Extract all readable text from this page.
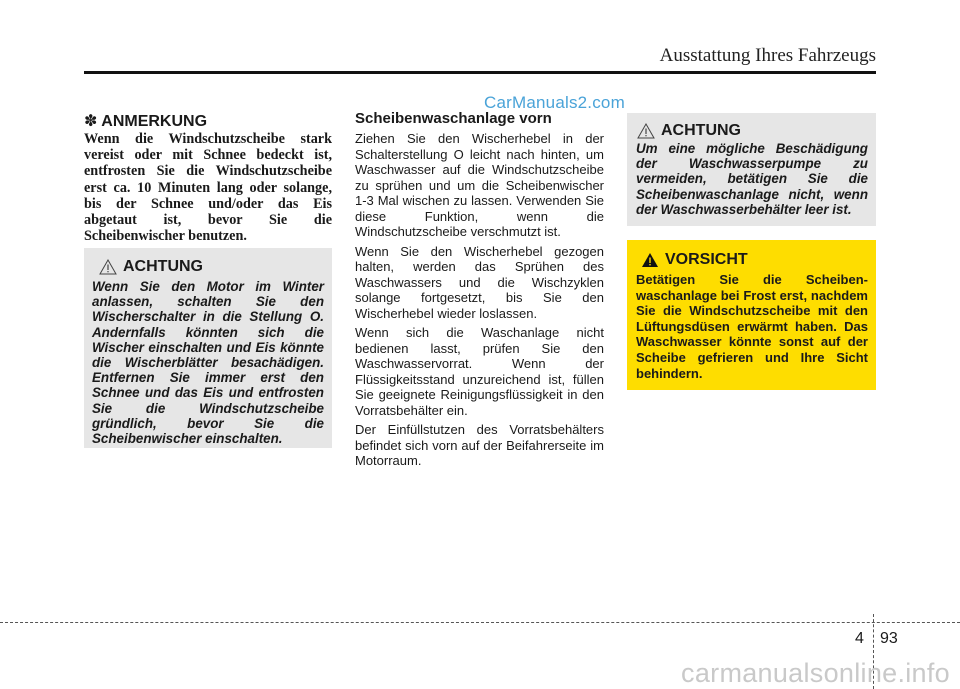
Ausstattung Ihres Fahrzeugs
CarManuals2.com
✽ ANMERKUNG

Wenn die Windschutzscheibe stark vereist oder mit Schnee bedeckt ist, entfrosten Sie die Windschutzscheibe erst ca. 10 Minuten lang oder solange, bis der Schnee und/oder das Eis abgetaut ist, bevor Sie die Scheibenwischer benutzen.

ACHTUNG

Wenn Sie den Motor im Winter anlassen, schalten Sie den Wischerschalter in die Stellung O. Andernfalls könnten sich die Wischer einschalten und Eis könnte die Wischerblätter besachädigen. Entfernen Sie immer erst den Schnee und das Eis und entfrosten Sie die Windschutzscheibe gründlich, bevor Sie die Scheibenwischer einschalten.

Scheibenwaschanlage vorn

Ziehen Sie den Wischerhebel in der Schalterstellung O leicht nach hinten, um Waschwasser auf die Windschutzscheibe zu sprühen und um die Scheibenwischer 1-3 Mal wischen zu lassen. Verwenden Sie diese Funktion, wenn die Windschutzscheibe verschmutzt ist.

Wenn Sie den Wischerhebel gezogen halten, werden das Sprühen des Waschwassers und die Wischzyklen solange fortgesetzt, bis Sie den Wischerhebel wieder loslassen.

Wenn sich die Waschanlage nicht bedienen lasst, prüfen Sie den Waschwasservorrat. Wenn der Flüssigkeitsstand unzureichend ist, füllen Sie geeignete Reinigungsflüssigkeit in den Vorratsbehälter ein.

Der Einfüllstutzen des Vorratsbehälters befindet sich vorn auf der Beifahrerseite im Motorraum.

ACHTUNG

Um eine mögliche Beschädigung der Waschwasserpumpe zu vermeiden, betätigen Sie die Scheibenwaschanlage nicht, wenn der Waschwasserbehälter leer ist.

VORSICHT

Betätigen Sie die Scheiben-waschanlage bei Frost erst, nachdem Sie die Windschutzscheibe mit den Lüftungsdüsen erwärmt haben. Das Waschwasser könnte sonst auf der Scheibe gefrieren und Ihre Sicht behindern.

4 93
carmanualsonline.info
